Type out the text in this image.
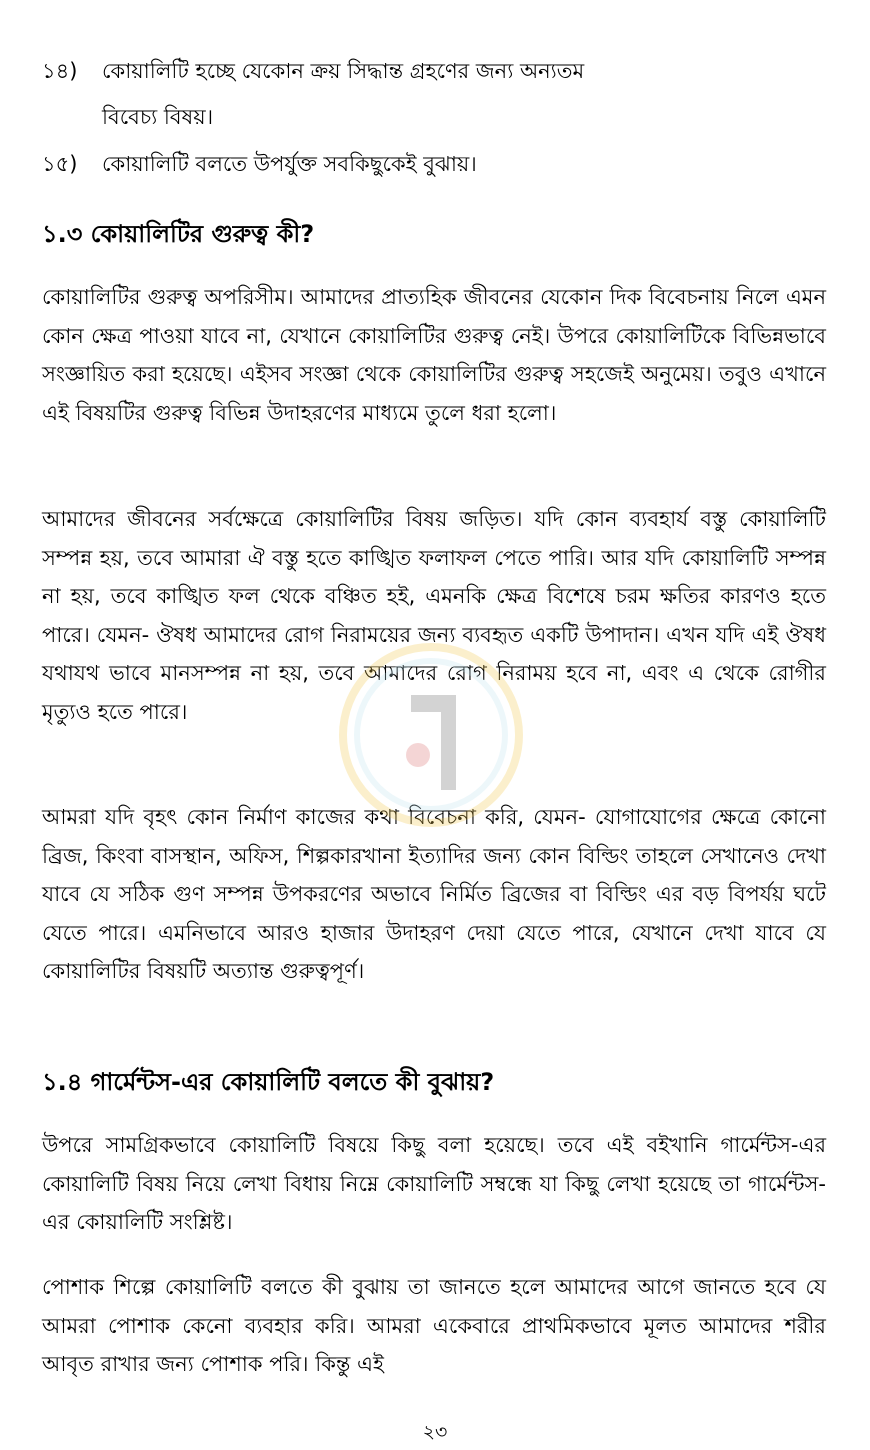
১৪) কোয়ালিটি হচ্ছে যেকোন ক্রয় সিদ্ধান্ত গ্রহণের জন্য অন্যতম
বিবেচ্য বিষয়।
১৫) কোয়ালিটি বলতে উপর্যুক্ত সবকিছুকেই বুঝায়।
১.৩ কোয়ালিটির গুরুত্ব কী?

কোয়ালিটির গুরুত্ব অপরিসীম। আমাদের প্রাত্যহিক জীবনের যেকোন দিক বিবেচনায় নিলে এমন কোন ক্ষেত্র পাওয়া যাবে না, যেখানে কোয়ালিটির গুরুত্ব নেই। উপরে কোয়ালিটিকে বিভিন্নভাবে সংজ্ঞায়িত করা হয়েছে। এইসব সংজ্ঞা থেকে কোয়ালিটির গুরুত্ব সহজেই অনুমেয়। তবুও এখানে এই বিষয়টির গুরুত্ব বিভিন্ন উদাহরণের মাধ্যমে তুলে ধরা হলো।

আমাদের জীবনের সর্বক্ষেত্রে কোয়ালিটির বিষয় জড়িত। যদি কোন ব্যবহার্য বস্তু কোয়ালিটি সম্পন্ন হয়, তবে আমারা ঐ বস্তু হতে কাঙ্খিত ফলাফল পেতে পারি। আর যদি কোয়ালিটি সম্পন্ন না হয়, তবে কাঙ্খিত ফল থেকে বঞ্চিত হই, এমনকি ক্ষেত্র বিশেষে চরম ক্ষতির কারণও হতে পারে। যেমন- ঔষধ আমাদের রোগ নিরাময়ের জন্য ব্যবহৃত একটি উপাদান। এখন যদি এই ঔষধ যথাযথ ভাবে মানসম্পন্ন না হয়, তবে আমাদের রোগ নিরাময় হবে না, এবং এ থেকে রোগীর মৃত্যুও হতে পারে।

আমরা যদি বৃহৎ কোন নির্মাণ কাজের কথা বিবেচনা করি, যেমন- যোগাযোগের ক্ষেত্রে কোনো ব্রিজ, কিংবা বাসস্থান, অফিস, শিল্পকারখানা ইত্যাদির জন্য কোন বিল্ডিং তাহলে সেখানেও দেখা যাবে যে সঠিক গুণ সম্পন্ন উপকরণের অভাবে নির্মিত ব্রিজের বা বিল্ডিং এর বড় বিপর্যয় ঘটে যেতে পারে। এমনিভাবে আরও হাজার উদাহরণ দেয়া যেতে পারে, যেখানে দেখা যাবে যে কোয়ালিটির বিষয়টি অত্যান্ত গুরুত্বপূর্ণ।

১.৪ গার্মেন্টস-এর কোয়ালিটি বলতে কী বুঝায়?

উপরে সামগ্রিকভাবে কোয়ালিটি বিষয়ে কিছু বলা হয়েছে। তবে এই বইখানি গার্মেন্টস-এর কোয়ালিটি বিষয় নিয়ে লেখা বিধায় নিম্নে কোয়ালিটি সম্বন্ধে যা কিছু লেখা হয়েছে তা গার্মেন্টস-এর কোয়ালিটি সংশ্লিষ্ট।

পোশাক শিল্পে কোয়ালিটি বলতে কী বুঝায় তা জানতে হলে আমাদের আগে জানতে হবে যে আমরা পোশাক কেনো ব্যবহার করি। আমরা একেবারে প্রাথমিকভাবে মূলত আমাদের শরীর আবৃত রাখার জন্য পোশাক পরি। কিন্তু এই

২৩
